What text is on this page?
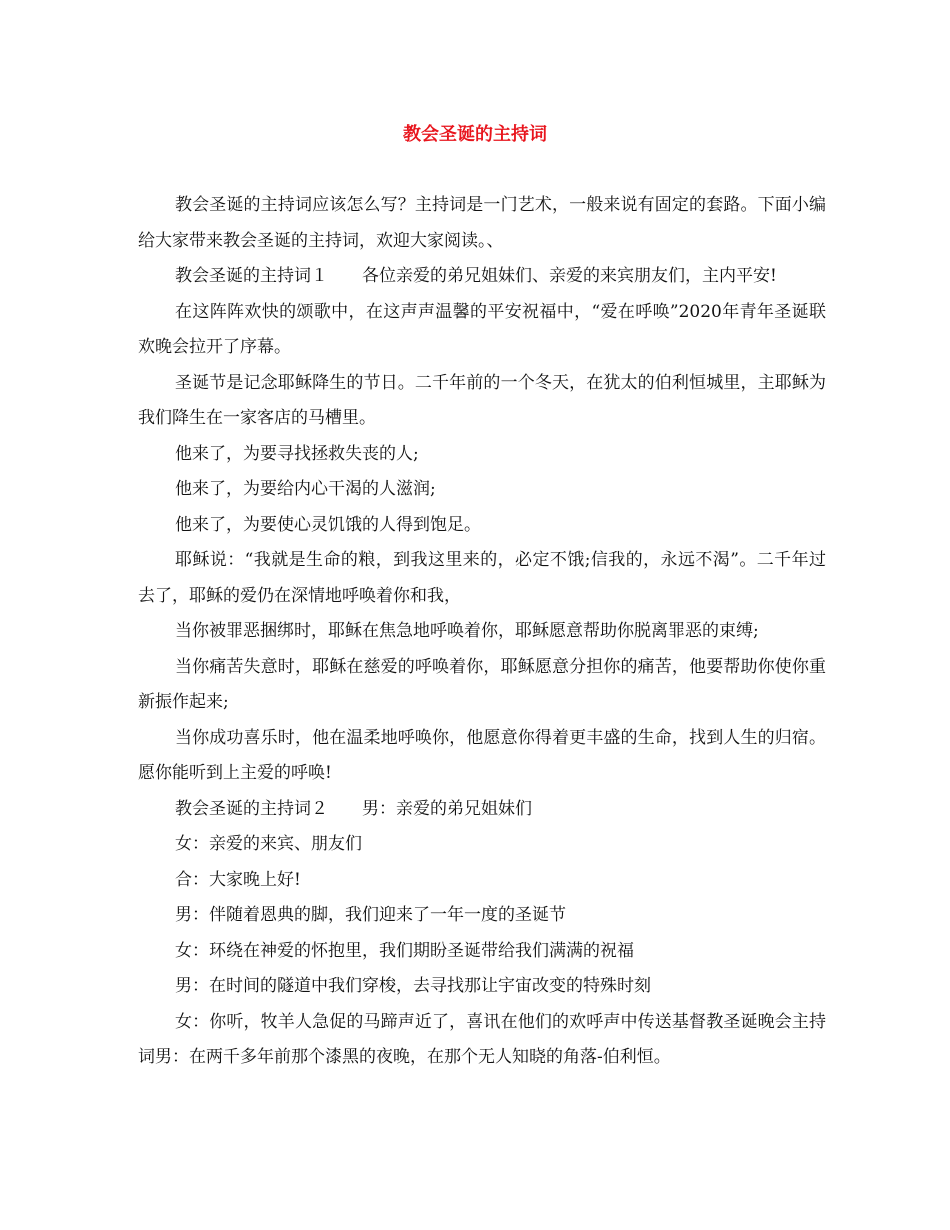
教会圣诞的主持词

教会圣诞的主持词应该怎么写？主持词是一门艺术，一般来说有固定的套路。下面小编给大家带来教会圣诞的主持词，欢迎大家阅读。、

教会圣诞的主持词１　　各位亲爱的弟兄姐妹们、亲爱的来宾朋友们，主内平安!

在这阵阵欢快的颂歌中，在这声声温馨的平安祝福中，“爱在呼唤”2020年青年圣诞联欢晚会拉开了序幕。

圣诞节是记念耶稣降生的节日。二千年前的一个冬天，在犹太的伯利恒城里，主耶稣为我们降生在一家客店的马槽里。

他来了，为要寻找拯救失丧的人;

他来了，为要给内心干渴的人滋润;

他来了，为要使心灵饥饿的人得到饱足。

耶稣说：“我就是生命的粮，到我这里来的，必定不饿;信我的，永远不渴”。二千年过去了，耶稣的爱仍在深情地呼唤着你和我，

当你被罪恶捆绑时，耶稣在焦急地呼唤着你，耶稣愿意帮助你脱离罪恶的束缚;

当你痛苦失意时，耶稣在慈爱的呼唤着你，耶稣愿意分担你的痛苦，他要帮助你使你重新振作起来;

当你成功喜乐时，他在温柔地呼唤你，他愿意你得着更丰盛的生命，找到人生的归宿。愿你能听到上主爱的呼唤!

教会圣诞的主持词２　　男：亲爱的弟兄姐妹们

女：亲爱的来宾、朋友们

合：大家晚上好!

男：伴随着恩典的脚，我们迎来了一年一度的圣诞节

女：环绕在神爱的怀抱里，我们期盼圣诞带给我们满满的祝福

男：在时间的隧道中我们穿梭，去寻找那让宇宙改变的特殊时刻

女：你听，牧羊人急促的马蹄声近了，喜讯在他们的欢呼声中传送基督教圣诞晚会主持词男：在两千多年前那个漆黑的夜晚，在那个无人知晓的角落-伯利恒。
